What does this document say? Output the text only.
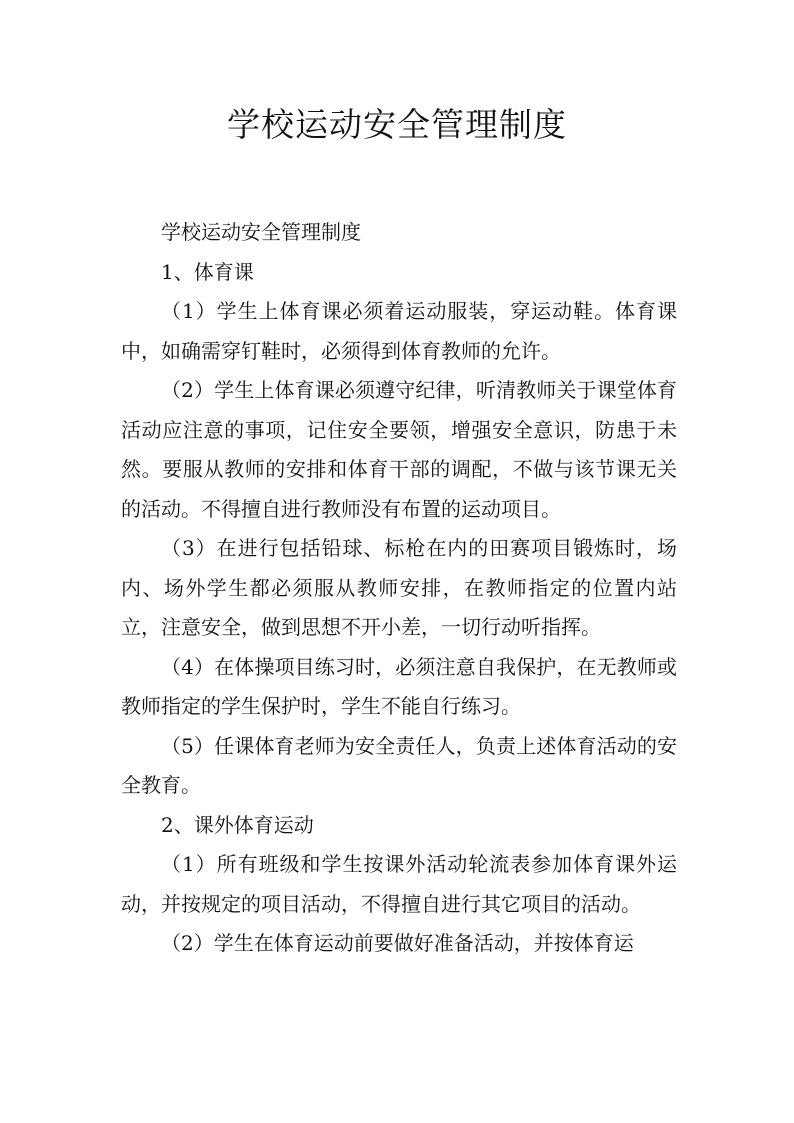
学校运动安全管理制度

学校运动安全管理制度

1、体育课

（1）学生上体育课必须着运动服装，穿运动鞋。体育课中，如确需穿钉鞋时，必须得到体育教师的允许。

（2）学生上体育课必须遵守纪律，听清教师关于课堂体育活动应注意的事项，记住安全要领，增强安全意识，防患于未然。要服从教师的安排和体育干部的调配，不做与该节课无关的活动。不得擅自进行教师没有布置的运动项目。

（3）在进行包括铅球、标枪在内的田赛项目锻炼时，场内、场外学生都必须服从教师安排，在教师指定的位置内站立，注意安全，做到思想不开小差，一切行动听指挥。

（4）在体操项目练习时，必须注意自我保护，在无教师或教师指定的学生保护时，学生不能自行练习。

（5）任课体育老师为安全责任人，负责上述体育活动的安全教育。

2、课外体育运动

（1）所有班级和学生按课外活动轮流表参加体育课外运动，并按规定的项目活动，不得擅自进行其它项目的活动。

（2）学生在体育运动前要做好准备活动，并按体育运
